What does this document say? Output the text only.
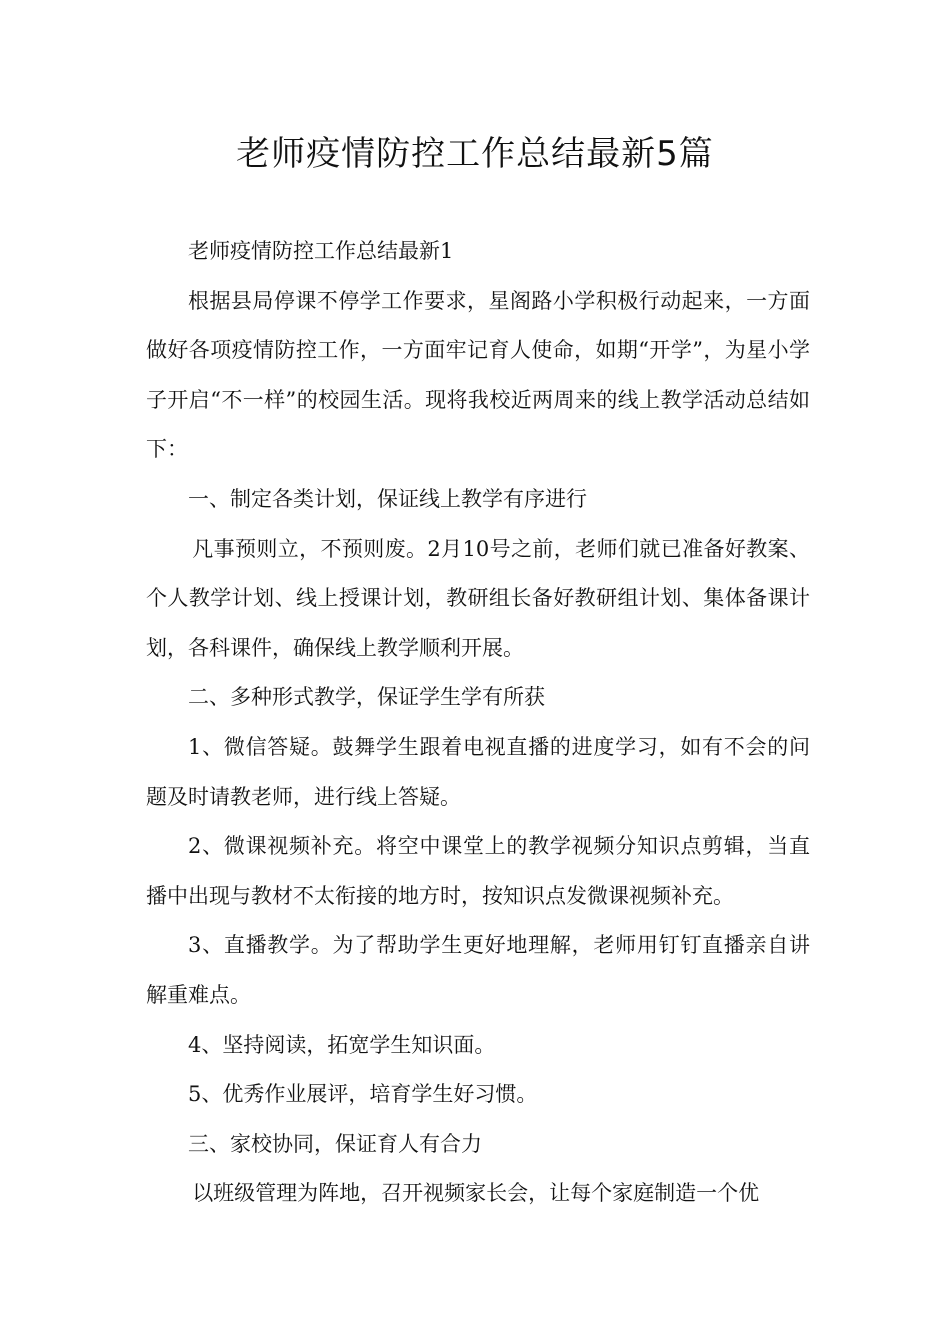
老师疫情防控工作总结最新5篇

老师疫情防控工作总结最新1

根据县局停课不停学工作要求，星阁路小学积极行动起来，一方面做好各项疫情防控工作，一方面牢记育人使命，如期“开学”，为星小学子开启“不一样”的校园生活。现将我校近两周来的线上教学活动总结如下：

一、制定各类计划，保证线上教学有序进行

凡事预则立，不预则废。2月10号之前，老师们就已准备好教案、个人教学计划、线上授课计划，教研组长备好教研组计划、集体备课计划，各科课件，确保线上教学顺利开展。

二、多种形式教学，保证学生学有所获

1、微信答疑。鼓舞学生跟着电视直播的进度学习，如有不会的问题及时请教老师，进行线上答疑。

2、微课视频补充。将空中课堂上的教学视频分知识点剪辑，当直播中出现与教材不太衔接的地方时，按知识点发微课视频补充。

3、直播教学。为了帮助学生更好地理解，老师用钉钉直播亲自讲解重难点。

4、坚持阅读，拓宽学生知识面。

5、优秀作业展评，培育学生好习惯。

三、家校协同，保证育人有合力

以班级管理为阵地，召开视频家长会，让每个家庭制造一个优
